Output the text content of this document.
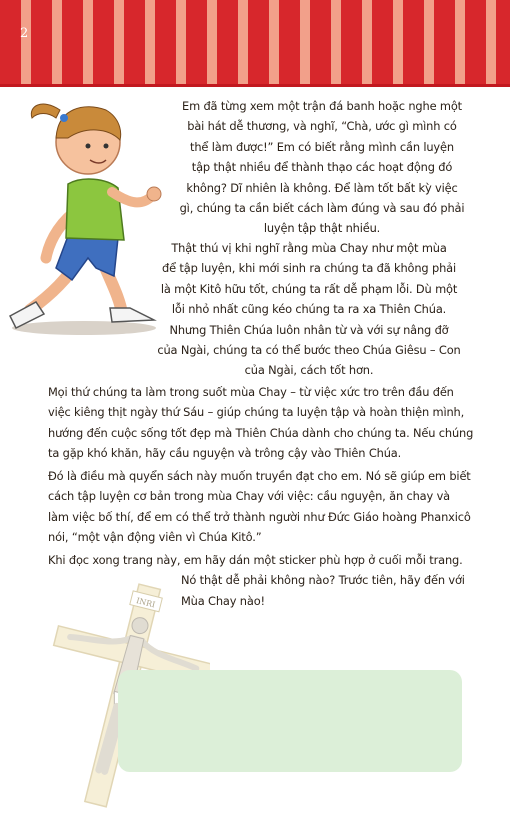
2

Em đã từng xem một trận đá banh hoặc nghe một
bài hát dễ thương, và nghĩ, “Chà, ước gì mình có
thể làm được!” Em có biết rằng mình cần luyện
tập thật nhiều để thành thạo các hoạt động đó
không? Dĩ nhiên là không. Để làm tốt bất kỳ việc
gì, chúng ta cần biết cách làm đúng và sau đó phải
luyện tập thật nhiều.

Thật thú vị khi nghĩ rằng mùa Chay như một mùa
để tập luyện, khi mới sinh ra chúng ta đã không phải
là một Kitô hữu tốt, chúng ta rất dễ phạm lỗi. Dù một
lỗi nhỏ nhất cũng kéo chúng ta ra xa Thiên Chúa.
Nhưng Thiên Chúa luôn nhân từ và với sự nâng đỡ
của Ngài, chúng ta có thể bước theo Chúa Giêsu – Con
của Ngài, cách tốt hơn.

Mọi thứ chúng ta làm trong suốt mùa Chay – từ việc xức tro trên đầu đến
việc kiêng thịt ngày thứ Sáu – giúp chúng ta luyện tập và hoàn thiện mình,
hướng đến cuộc sống tốt đẹp mà Thiên Chúa dành cho chúng ta. Nếu chúng
ta gặp khó khăn, hãy cầu nguyện và trông cậy vào Thiên Chúa.

Đó là điều mà quyển sách này muốn truyền đạt cho em. Nó sẽ giúp em biết
cách tập luyện cơ bản trong mùa Chay với việc: cầu nguyện, ăn chay và
làm việc bố thí, để em có thể trở thành người như Đức Giáo hoàng Phanxicô
nói, “một vận động viên vì Chúa Kitô.”

Khi đọc xong trang này, em hãy dán một sticker phù hợp ở cuối mỗi trang.
Nó thật dễ phải không nào? Trước tiên, hãy đến với
Mùa Chay nào!

INRI
